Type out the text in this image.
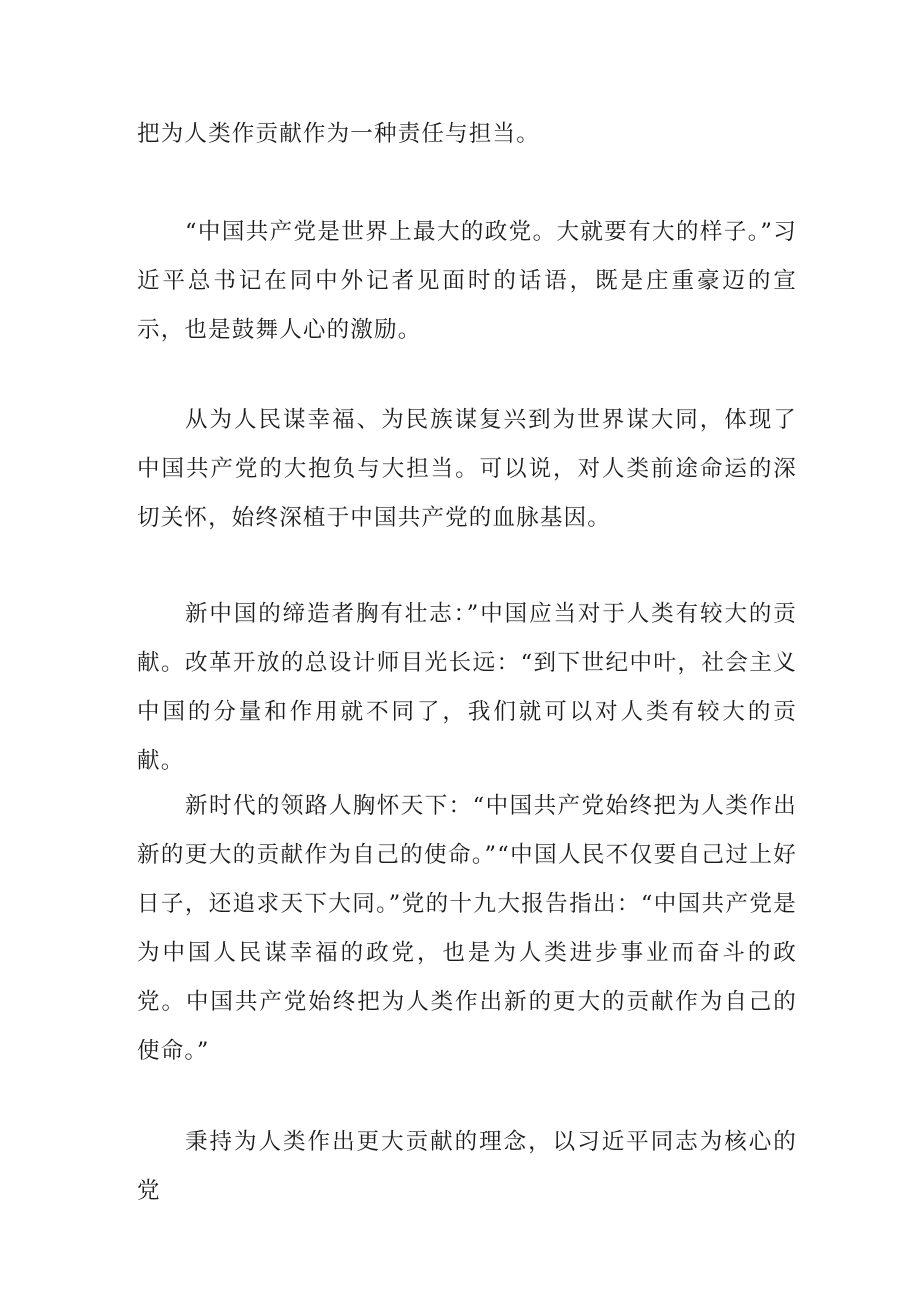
把为人类作贡献作为一种责任与担当。

“中国共产党是世界上最大的政党。大就要有大的样子。”习近平总书记在同中外记者见面时的话语，既是庄重豪迈的宣示，也是鼓舞人心的激励。

从为人民谋幸福、为民族谋复兴到为世界谋大同，体现了中国共产党的大抱负与大担当。可以说，对人类前途命运的深切关怀，始终深植于中国共产党的血脉基因。

新中国的缔造者胸有壮志：”中国应当对于人类有较大的贡献。改革开放的总设计师目光长远：“到下世纪中叶，社会主义中国的分量和作用就不同了，我们就可以对人类有较大的贡献。

新时代的领路人胸怀天下：“中国共产党始终把为人类作出新的更大的贡献作为自己的使命。”“中国人民不仅要自己过上好日子，还追求天下大同。”党的十九大报告指出：“中国共产党是为中国人民谋幸福的政党，也是为人类进步事业而奋斗的政党。中国共产党始终把为人类作出新的更大的贡献作为自己的使命。”

秉持为人类作出更大贡献的理念，以习近平同志为核心的党
